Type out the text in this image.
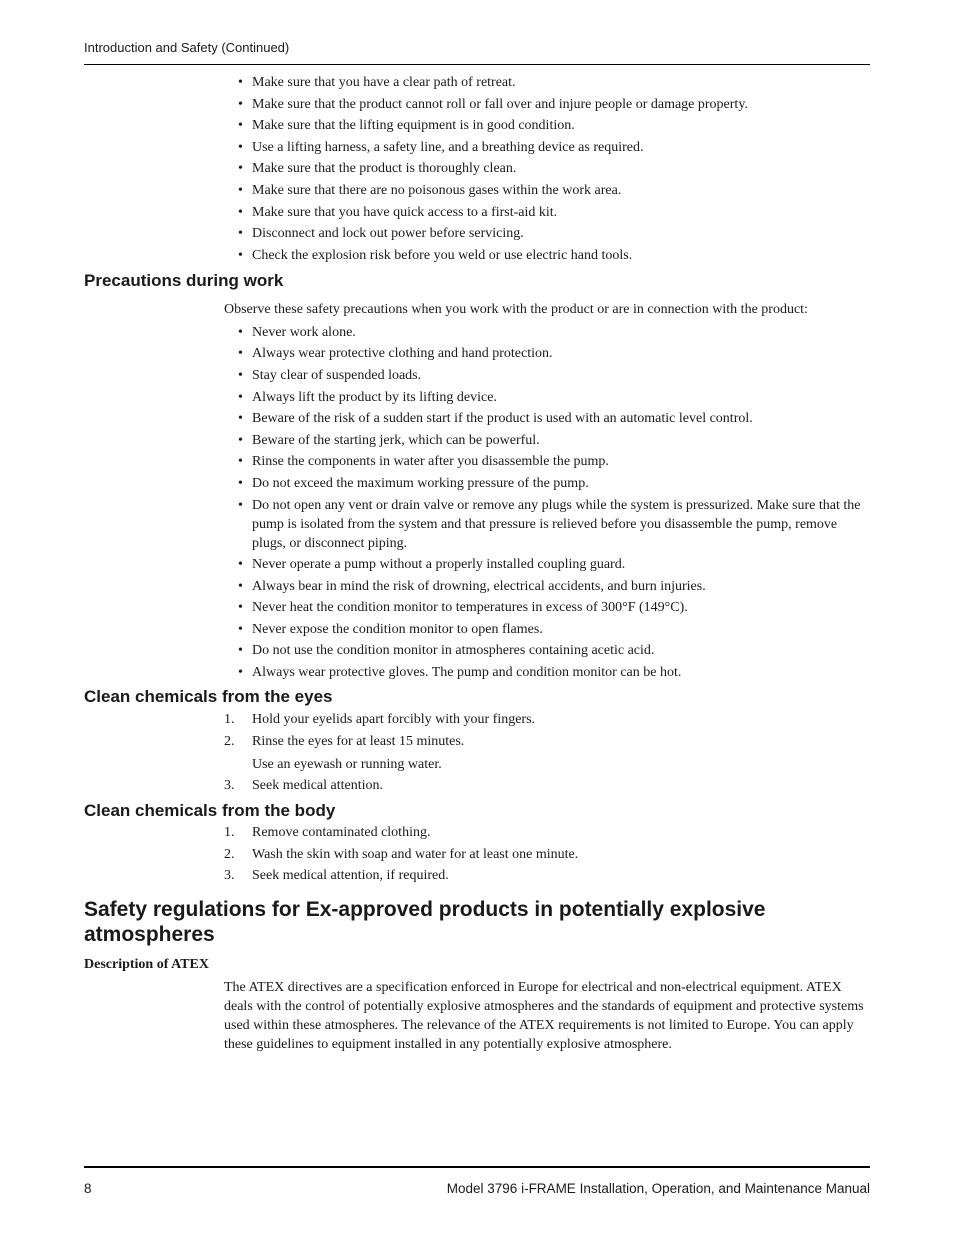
Introduction and Safety (Continued)
• Make sure that you have a clear path of retreat.
• Make sure that the product cannot roll or fall over and injure people or damage property.
• Make sure that the lifting equipment is in good condition.
• Use a lifting harness, a safety line, and a breathing device as required.
• Make sure that the product is thoroughly clean.
• Make sure that there are no poisonous gases within the work area.
• Make sure that you have quick access to a first-aid kit.
• Disconnect and lock out power before servicing.
• Check the explosion risk before you weld or use electric hand tools.
Precautions during work

Observe these safety precautions when you work with the product or are in connection with the product:

• Never work alone.
• Always wear protective clothing and hand protection.
• Stay clear of suspended loads.
• Always lift the product by its lifting device.
• Beware of the risk of a sudden start if the product is used with an automatic level control.
• Beware of the starting jerk, which can be powerful.
• Rinse the components in water after you disassemble the pump.
• Do not exceed the maximum working pressure of the pump.
• Do not open any vent or drain valve or remove any plugs while the system is pressurized. Make sure that the pump is isolated from the system and that pressure is relieved before you disassemble the pump, remove plugs, or disconnect piping.
• Never operate a pump without a properly installed coupling guard.
• Always bear in mind the risk of drowning, electrical accidents, and burn injuries.
• Never heat the condition monitor to temperatures in excess of 300°F (149°C).
• Never expose the condition monitor to open flames.
• Do not use the condition monitor in atmospheres containing acetic acid.
• Always wear protective gloves. The pump and condition monitor can be hot.
Clean chemicals from the eyes
1. Hold your eyelids apart forcibly with your fingers.
2. Rinse the eyes for at least 15 minutes.
Use an eyewash or running water.
3. Seek medical attention.
Clean chemicals from the body
1. Remove contaminated clothing.
2. Wash the skin with soap and water for at least one minute.
3. Seek medical attention, if required.
Safety regulations for Ex-approved products in potentially explosive atmospheres

Description of ATEX

The ATEX directives are a specification enforced in Europe for electrical and non-electrical equipment. ATEX deals with the control of potentially explosive atmospheres and the standards of equipment and protective systems used within these atmospheres. The relevance of the ATEX requirements is not limited to Europe. You can apply these guidelines to equipment installed in any potentially explosive atmosphere.

8	Model 3796 i-FRAME Installation, Operation, and Maintenance Manual
